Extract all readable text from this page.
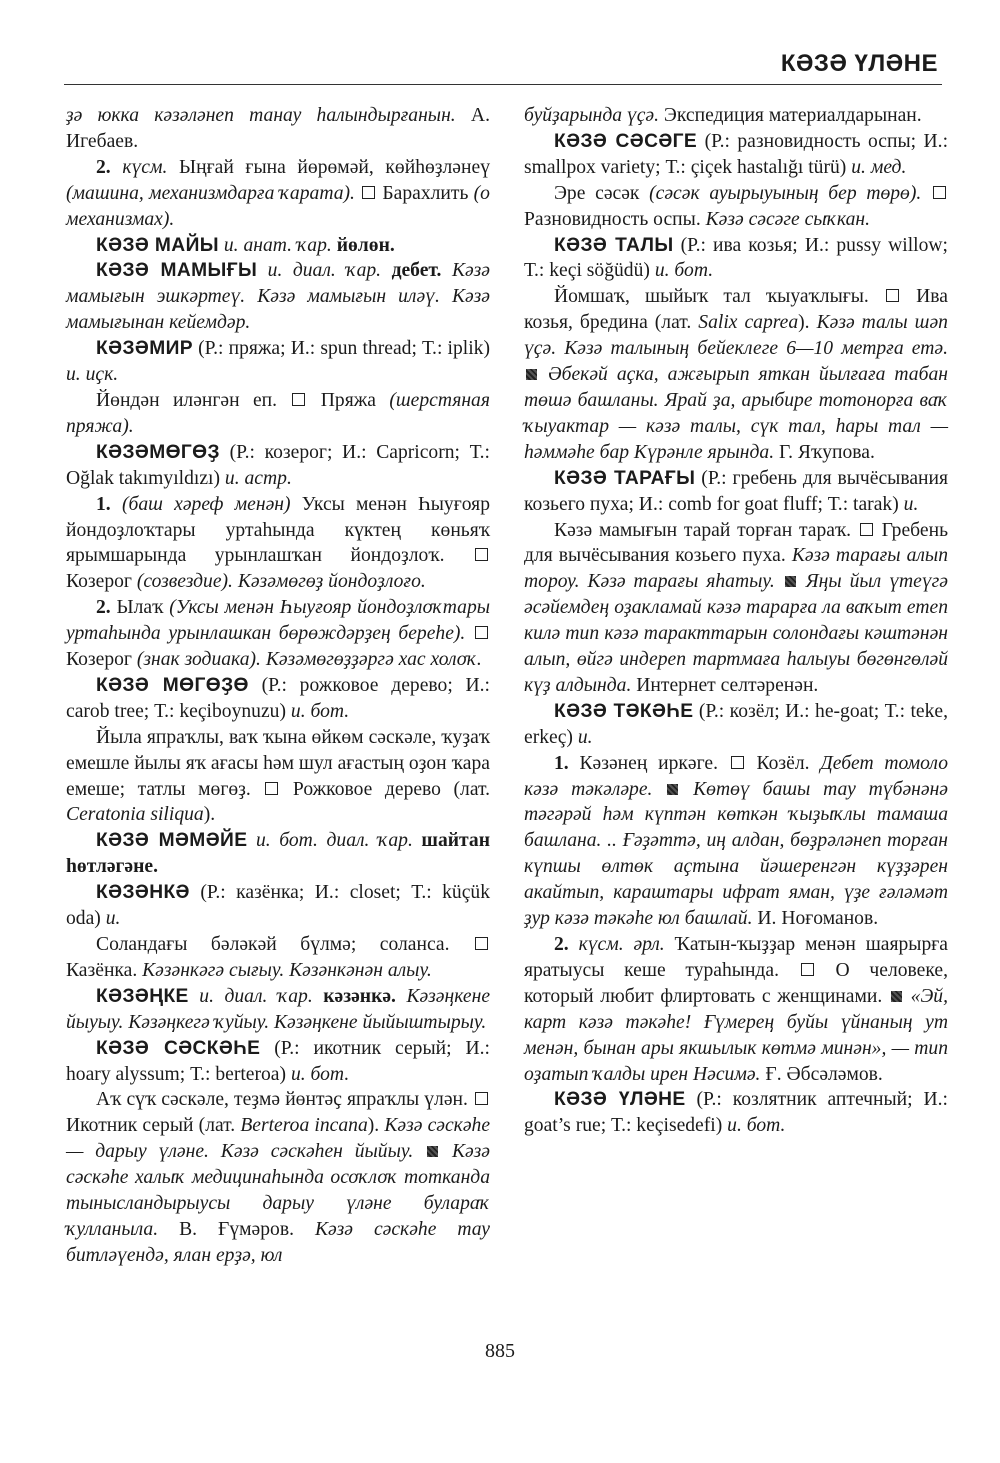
КӘЗӘ ҮЛӘНЕ

ҙә юкка кәзәләнеп танау һалындырғанын. А. Игебаев.

2. күсм. Ыңғай ғына йөрөмәй, көйһөҙләнеү (машина, механизмдарға ҡарата). Барахлить (о механизмах).

КӘЗӘ МАЙЫ и. анат. ҡар. йөлөн.

КӘЗӘ МАМЫҒЫ и. диал. ҡар. дебет. Кәзә мамығын эшкәртеү. Кәзә мамығын иләү. Кәзә мамығынан кейемдәр.

КӘЗӘМИР (Р.: пряжа; И.: spun thread; Т.: iplik) и. иҫк.

Йөндән иләнгән еп. Пряжа (шерстяная пряжа).

КӘЗӘМӨГӨҘ (Р.: козерог; И.: Capricorn; Т.: Oğlak takımyıldızı) и. астр.

1. (баш хәреф менән) Уксы менән Һыуғояр йондоҙлоҡтары уртаһында күктең көньяҡ ярымшарында урынлашҡан йондоҙлоҡ.  Козерог (созвездие). Кәзәмөгөҙ йондоҙлоғо.

2. Ылаҡ (Уксы менән Һыуғояр йондоҙлоҡтары уртаһында урынлашкан бөрөждәрҙең береһе).  Козерог (знак зодиака). Кәзәмөгөҙҙәргә хас холоҡ.

КӘЗӘ МӨГӨҘӨ (Р.: рожковое дерево; И.: carob tree; Т.: keçiboynuzu) и. бот.

Йыла япраҡлы, ваҡ ҡына өйкөм сәскәле, ҡуҙаҡ емешле йылы яҡ ағасы һәм шул ағастың оҙон ҡара емеше; татлы мөгөҙ. Рожковое дерево (лат. Ceratonia siliqua).

КӘЗӘ МӘМӘЙЕ и. бот. диал. ҡар. шайтан һөтләгәне.

КӘЗӘНКӘ (Р.: казёнка; И.: closet; Т.: küçük oda) и.

Соландағы бәләкәй бүлмә; соланса.  Казёнка. Кәзәнкәгә сығыу. Кәзәнкәнән алыу.

КӘЗӘҢКЕ и. диал. ҡар. кәзәнкә. Кәзәңкене йыуыу. Кәзәңкегә ҡуйыу. Кәзәңкене йыйыштырыу.

КӘЗӘ СӘСКӘҺЕ (Р.: икотник серый; И.: hoary alyssum; Т.: berteroa) и. бот.

Аҡ сүҡ сәскәле, теҙмә йөнтәҫ япраҡлы үлән.  Икотник серый (лат. Berteroa incana). Кәзә сәскәһе — дарыу үләне. Кәзә сәскәһен йыйыу. Кәзә сәскәһе халыҡ медицинаһында осоҡлоҡ тотканда тынысландырыусы дарыу үләне булараҡ ҡулланыла. В. Ғүмәров. Кәзә сәскәһе тау битләүендә, ялан ерҙә, юл

буйҙарында үҫә. Экспедиция материалдарынан.

КӘЗӘ СӘСӘГЕ (Р.: разновидность оспы; И.: smallpox variety; Т.: çiçek hastalığı türü) и. мед.

Эре сәсәк (сәсәк ауырыуының бер төрө).  Разновидность оспы. Кәзә сәсәге сыҡкан.

КӘЗӘ ТАЛЫ (Р.: ива козья; И.: pussy willow; Т.: keçi söğüdü) и. бот.

Йомшаҡ, шыйыҡ тал ҡыуаҡлығы. Ива козья, бредина (лат. Salix caprea). Кәзә талы шәп үҫә. Кәзә талының бейеклеге 6—10 метрға етә.  Әбекәй аҫка, ажғырып яткан йылғаға табан төшә башланы. Ярай ҙа, арыбире тотонорға ваҡ ҡыуактар — кәзә талы, сүк тал, һары тал — һәммәһе бар Күрәнле ярында. Г. Яҡупова.

КӘЗӘ ТАРАҒЫ (Р.: гребень для вычёсывания козьего пуха; И.: comb for goat fluff; Т.: tarak) и.

Кәзә мамығын тарай торған тараҡ. Гребень для вычёсывания козьего пуха. Кәзә тарағы алып тороу. Кәзә тарағы яһатыу. Яңы йыл үтеүгә әсәйемдең оҙакламай кәзә тарарға ла ваҡыт етеп килә тип кәзә таракттарын солондағы кәштәнән алып, өйгә индереп тартмаға һалыуы бөгөнгөләй күҙ алдында. Интернет селтәренән.

КӘЗӘ ТӘКӘҺЕ (Р.: козёл; И.: he-goat; Т.: teke, erkeç) и.

1. Кәзәнең иркәге. Козёл. Дебет томоло кәзә тәкәләре. Көтөү башы тау түбәнәнә тәгәрәй һәм күптән көткән ҡыҙыҡлы тамаша башлана. .. Ғәҙәттә, иң алдан, бөҙрәләнеп торған күпшы өлтөк аҫтына йәшеренгән күҙҙәрен акайтып, караштары ифрат яман, үҙе ғәләмәт ҙур кәзә тәкәһе юл башлай. И. Ноғоманов.

2. күсм. әрл. Ҡатын-ҡыҙҙар менән шаярырға яратыусы кеше тураһында.	О человеке, который любит флиртовать с женщинами. «Эй, карт кәзә тәкәһе! Ғүмерең буйы үйнаның ут менән, бынан ары якшылык көтмә минән», — тип оҙатып ҡалды ирен Нәсимә. Ғ. Әбсәләмов.

КӘЗӘ ҮЛӘНЕ (Р.: козлятник аптечный; И.: goat’s rue; Т.: keçisedefi) и. бот.

885
